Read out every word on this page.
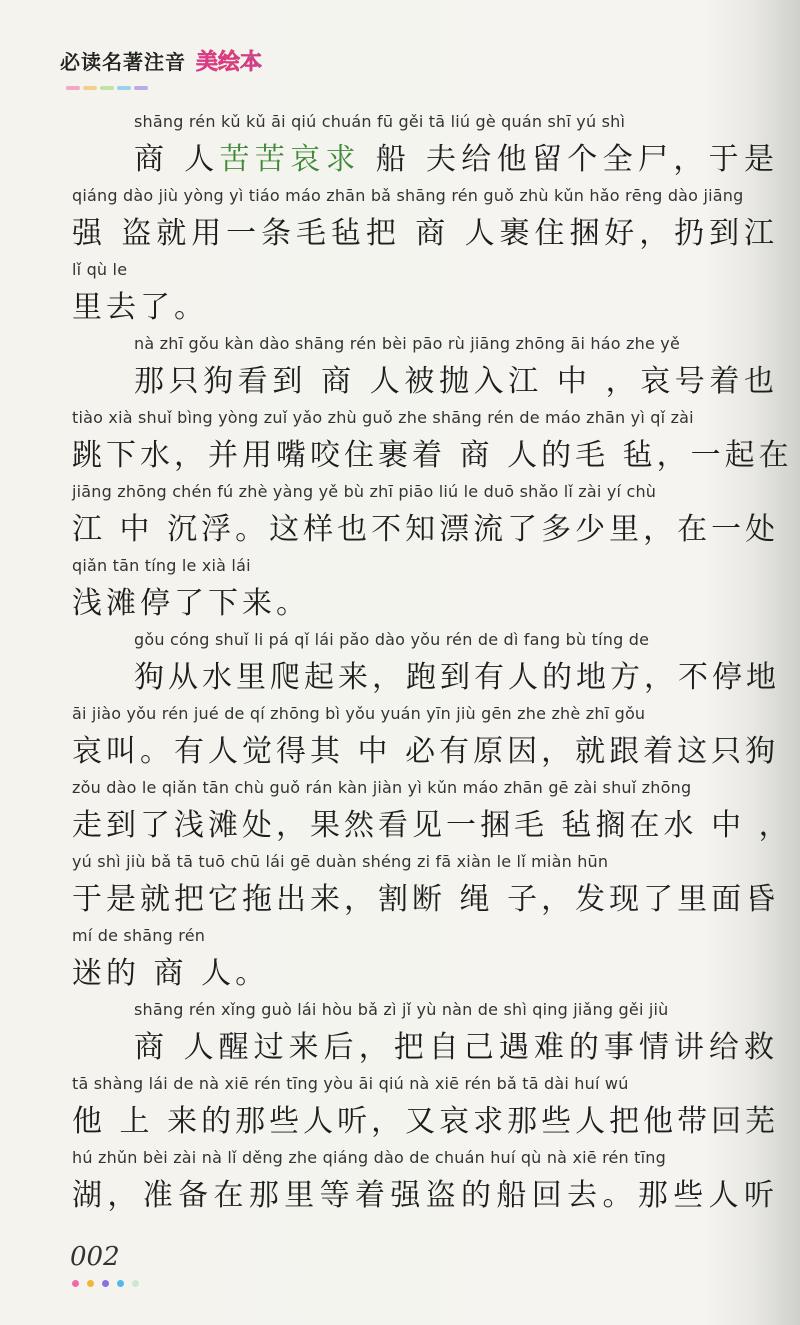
必读名著注音 美绘本
shāng rén kǔ kǔ āi qiú chuán fū gěi tā liú gè quán shī yú shì
商 人苦苦哀求 船 夫给他留个全尸，于是
qiáng dào jiù yòng yì tiáo máo zhān bǎ shāng rén guǒ zhù kǔn hǎo rēng dào jiāng
强 盗就用一条毛毡把 商 人裹住捆好，扔到江
lǐ qù le
里去了。
nà zhī gǒu kàn dào shāng rén bèi pāo rù jiāng zhōng āi háo zhe yě
那只狗看到 商 人被抛入江 中 ，哀号着也
tiào xià shuǐ bìng yòng zuǐ yǎo zhù guǒ zhe shāng rén de máo zhān yì qǐ zài
跳下水，并用嘴咬住裹着 商 人的毛 毡，一起在
jiāng zhōng chén fú zhè yàng yě bù zhī piāo liú le duō shǎo lǐ zài yí chù
江 中 沉浮。这样也不知漂流了多少里，在一处
qiǎn tān tíng le xià lái
浅滩停了下来。
gǒu cóng shuǐ li pá qǐ lái pǎo dào yǒu rén de dì fang bù tíng de
狗从水里爬起来，跑到有人的地方，不停地
āi jiào yǒu rén jué de qí zhōng bì yǒu yuán yīn jiù gēn zhe zhè zhī gǒu
哀叫。有人觉得其 中 必有原因，就跟着这只狗
zǒu dào le qiǎn tān chù guǒ rán kàn jiàn yì kǔn máo zhān gē zài shuǐ zhōng
走到了浅滩处，果然看见一捆毛 毡搁在水 中 ，
yú shì jiù bǎ tā tuō chū lái gē duàn shéng zi fā xiàn le lǐ miàn hūn
于是就把它拖出来，割断 绳 子，发现了里面昏
mí de shāng rén
迷的 商 人。
shāng rén xǐng guò lái hòu bǎ zì jǐ yù nàn de shì qing jiǎng gěi jiù
商 人醒过来后，把自己遇难的事情讲给救
tā shàng lái de nà xiē rén tīng yòu āi qiú nà xiē rén bǎ tā dài huí wú
他 上 来的那些人听，又哀求那些人把他带回芜
hú zhǔn bèi zài nà lǐ děng zhe qiáng dào de chuán huí qù nà xiē rén tīng
湖，准备在那里等着强盗的船回去。那些人听
002
